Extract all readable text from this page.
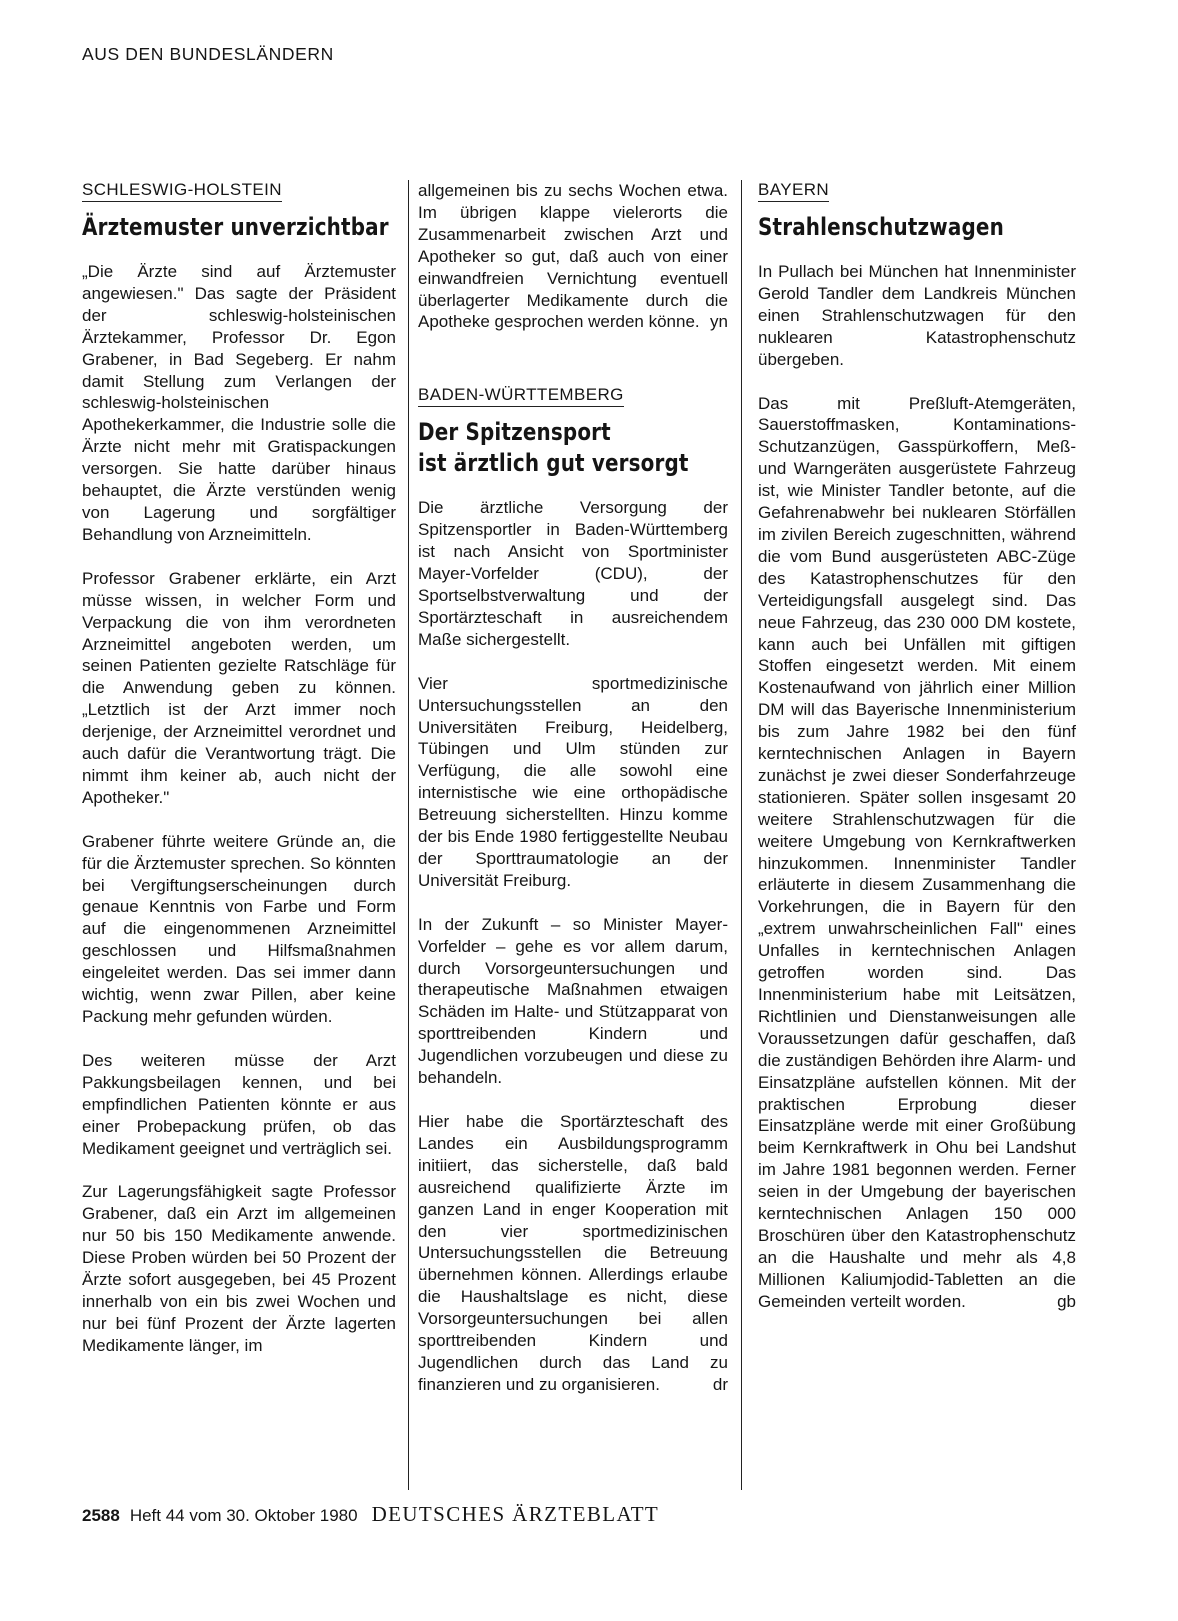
AUS DEN BUNDESLÄNDERN
SCHLESWIG-HOLSTEIN
Ärztemuster unverzichtbar

„Die Ärzte sind auf Ärztemuster angewiesen." Das sagte der Präsident der schleswig-holsteinischen Ärztekammer, Professor Dr. Egon Grabener, in Bad Segeberg. Er nahm damit Stellung zum Verlangen der schleswig-holsteinischen Apothekerkammer, die Industrie solle die Ärzte nicht mehr mit Gratispackungen versorgen. Sie hatte darüber hinaus behauptet, die Ärzte verstünden wenig von Lagerung und sorgfältiger Behandlung von Arzneimitteln.

Professor Grabener erklärte, ein Arzt müsse wissen, in welcher Form und Verpackung die von ihm verordneten Arzneimittel angeboten werden, um seinen Patienten gezielte Ratschläge für die Anwendung geben zu können. „Letztlich ist der Arzt immer noch derjenige, der Arzneimittel verordnet und auch dafür die Verantwortung trägt. Die nimmt ihm keiner ab, auch nicht der Apotheker."

Grabener führte weitere Gründe an, die für die Ärztemuster sprechen. So könnten bei Vergiftungserscheinungen durch genaue Kenntnis von Farbe und Form auf die eingenommenen Arzneimittel geschlossen und Hilfsmaßnahmen eingeleitet werden. Das sei immer dann wichtig, wenn zwar Pillen, aber keine Packung mehr gefunden würden.

Des weiteren müsse der Arzt Pakkungsbeilagen kennen, und bei empfindlichen Patienten könnte er aus einer Probepackung prüfen, ob das Medikament geeignet und verträglich sei.

Zur Lagerungsfähigkeit sagte Professor Grabener, daß ein Arzt im allgemeinen nur 50 bis 150 Medikamente anwende. Diese Proben würden bei 50 Prozent der Ärzte sofort ausgegeben, bei 45 Prozent innerhalb von ein bis zwei Wochen und nur bei fünf Prozent der Ärzte lagerten Medikamente länger, im

allgemeinen bis zu sechs Wochen etwa. Im übrigen klappe vielerorts die Zusammenarbeit zwischen Arzt und Apotheker so gut, daß auch von einer einwandfreien Vernichtung eventuell überlagerter Medikamente durch die Apotheke gesprochen werden könne. yn

BADEN-WÜRTTEMBERG
Der Spitzensport
ist ärztlich gut versorgt

Die ärztliche Versorgung der Spitzensportler in Baden-Württemberg ist nach Ansicht von Sportminister Mayer-Vorfelder (CDU), der Sportselbstverwaltung und der Sportärzteschaft in ausreichendem Maße sichergestellt.

Vier sportmedizinische Untersuchungsstellen an den Universitäten Freiburg, Heidelberg, Tübingen und Ulm stünden zur Verfügung, die alle sowohl eine internistische wie eine orthopädische Betreuung sicherstellten. Hinzu komme der bis Ende 1980 fertiggestellte Neubau der Sporttraumatologie an der Universität Freiburg.

In der Zukunft – so Minister Mayer-Vorfelder – gehe es vor allem darum, durch Vorsorgeuntersuchungen und therapeutische Maßnahmen etwaigen Schäden im Halte- und Stützapparat von sporttreibenden Kindern und Jugendlichen vorzubeugen und diese zu behandeln.

Hier habe die Sportärzteschaft des Landes ein Ausbildungsprogramm initiiert, das sicherstelle, daß bald ausreichend qualifizierte Ärzte im ganzen Land in enger Kooperation mit den vier sportmedizinischen Untersuchungsstellen die Betreuung übernehmen können. Allerdings erlaube die Haushaltslage es nicht, diese Vorsorgeuntersuchungen bei allen sporttreibenden Kindern und Jugendlichen durch das Land zu finanzieren und zu organisieren.	dr

BAYERN
Strahlenschutzwagen

In Pullach bei München hat Innenminister Gerold Tandler dem Landkreis München einen Strahlenschutzwagen für den nuklearen Katastrophenschutz übergeben.

Das mit Preßluft-Atemgeräten, Sauerstoffmasken, Kontaminations-Schutzanzügen, Gasspürkoffern, Meß- und Warngeräten ausgerüstete Fahrzeug ist, wie Minister Tandler betonte, auf die Gefahrenabwehr bei nuklearen Störfällen im zivilen Bereich zugeschnitten, während die vom Bund ausgerüsteten ABC-Züge des Katastrophenschutzes für den Verteidigungsfall ausgelegt sind. Das neue Fahrzeug, das 230 000 DM kostete, kann auch bei Unfällen mit giftigen Stoffen eingesetzt werden. Mit einem Kostenaufwand von jährlich einer Million DM will das Bayerische Innenministerium bis zum Jahre 1982 bei den fünf kerntechnischen Anlagen in Bayern zunächst je zwei dieser Sonderfahrzeuge stationieren. Später sollen insgesamt 20 weitere Strahlenschutzwagen für die weitere Umgebung von Kernkraftwerken hinzukommen. Innenminister Tandler erläuterte in diesem Zusammenhang die Vorkehrungen, die in Bayern für den „extrem unwahrscheinlichen Fall" eines Unfalles in kerntechnischen Anlagen getroffen worden sind. Das Innenministerium habe mit Leitsätzen, Richtlinien und Dienstanweisungen alle Voraussetzungen dafür geschaffen, daß die zuständigen Behörden ihre Alarm- und Einsatzpläne aufstellen können. Mit der praktischen Erprobung dieser Einsatzpläne werde mit einer Großübung beim Kernkraftwerk in Ohu bei Landshut im Jahre 1981 begonnen werden. Ferner seien in der Umgebung der bayerischen kerntechnischen Anlagen 150 000 Broschüren über den Katastrophenschutz an die Haushalte und mehr als 4,8 Millionen Kaliumjodid-Tabletten an die Gemeinden verteilt worden.	gb

2588 Heft 44 vom 30. Oktober 1980 DEUTSCHES ÄRZTEBLATT
